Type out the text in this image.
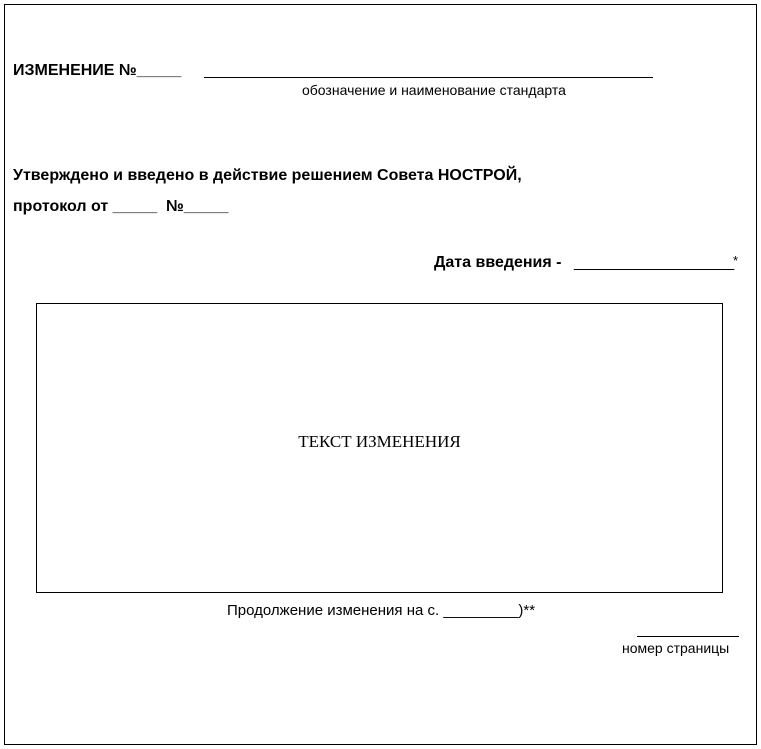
ИЗМЕНЕНИЕ №_____
обозначение и наименование стандарта
Утверждено и введено в действие решением Совета НОСТРОЙ,
протокол от _____ №_____
Дата введения - __________________
*
ТЕКСТ ИЗМЕНЕНИЯ
Продолжение изменения на с. _________)**
номер страницы
